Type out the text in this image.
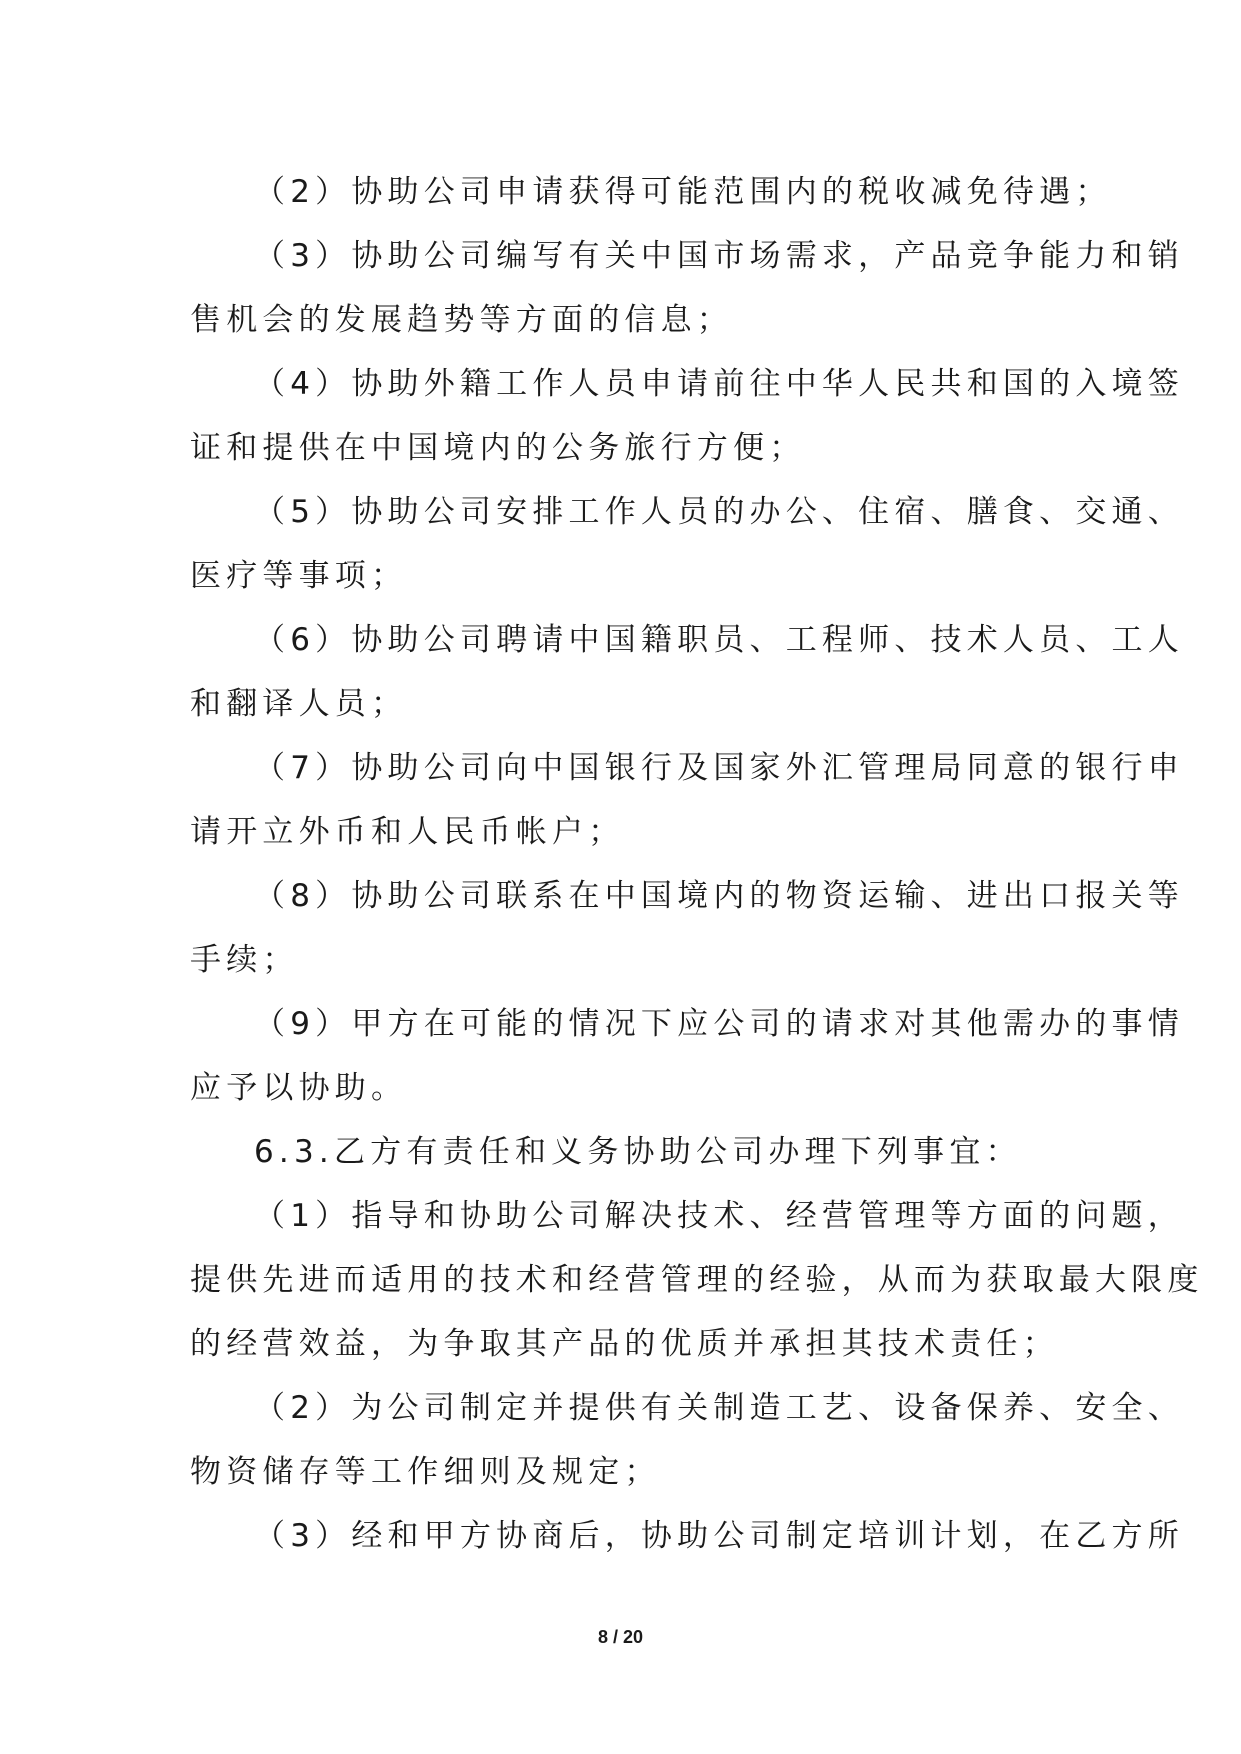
（2）协助公司申请获得可能范围内的税收减免待遇；

（3）协助公司编写有关中国市场需求，产品竞争能力和销

售机会的发展趋势等方面的信息；

（4）协助外籍工作人员申请前往中华人民共和国的入境签

证和提供在中国境内的公务旅行方便；

（5）协助公司安排工作人员的办公、住宿、膳食、交通、

医疗等事项；

（6）协助公司聘请中国籍职员、工程师、技术人员、工人

和翻译人员；

（7）协助公司向中国银行及国家外汇管理局同意的银行申

请开立外币和人民币帐户；

（8）协助公司联系在中国境内的物资运输、进出口报关等

手续；

（9）甲方在可能的情况下应公司的请求对其他需办的事情

应予以协助。

6.3.乙方有责任和义务协助公司办理下列事宜：

（1）指导和协助公司解决技术、经营管理等方面的问题，

提供先进而适用的技术和经营管理的经验，从而为获取最大限度

的经营效益，为争取其产品的优质并承担其技术责任；

（2）为公司制定并提供有关制造工艺、设备保养、安全、

物资储存等工作细则及规定；

（3）经和甲方协商后，协助公司制定培训计划，在乙方所

8 / 20
